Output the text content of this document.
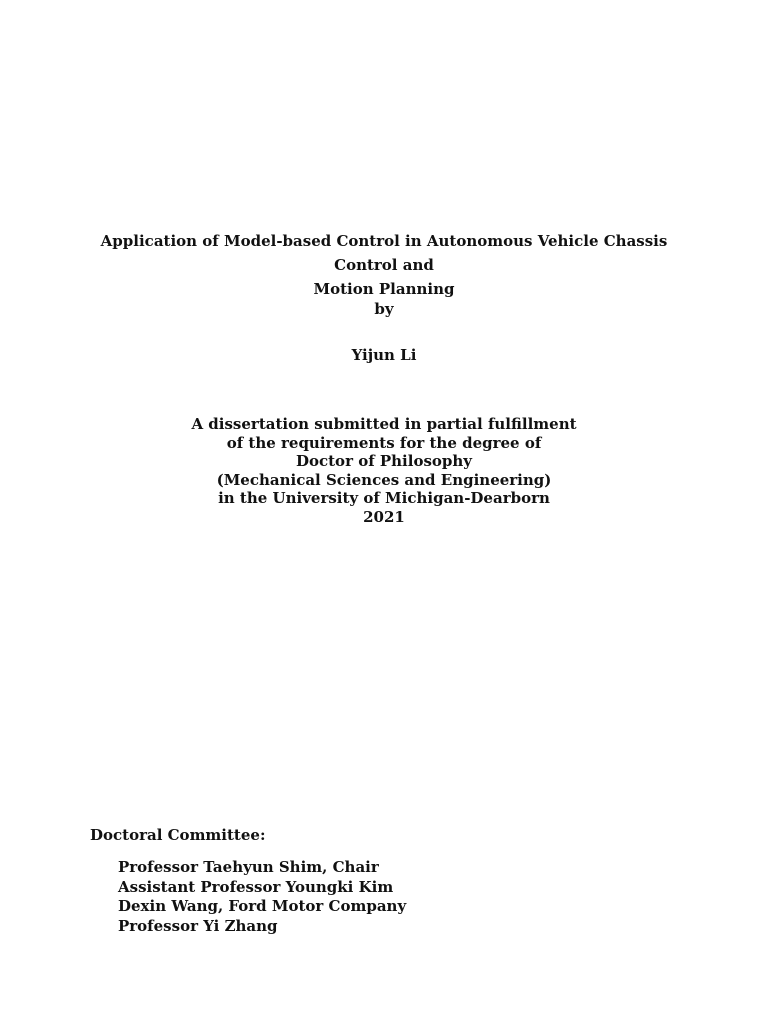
Application of Model-based Control in Autonomous Vehicle Chassis Control and
Motion Planning
by
Yijun Li
A dissertation submitted in partial fulfillment
of the requirements for the degree of
Doctor of Philosophy
(Mechanical Sciences and Engineering)
in the University of Michigan-Dearborn
2021
Doctoral Committee:
Professor Taehyun Shim, Chair
Assistant Professor Youngki Kim
Dexin Wang, Ford Motor Company
Professor Yi Zhang
